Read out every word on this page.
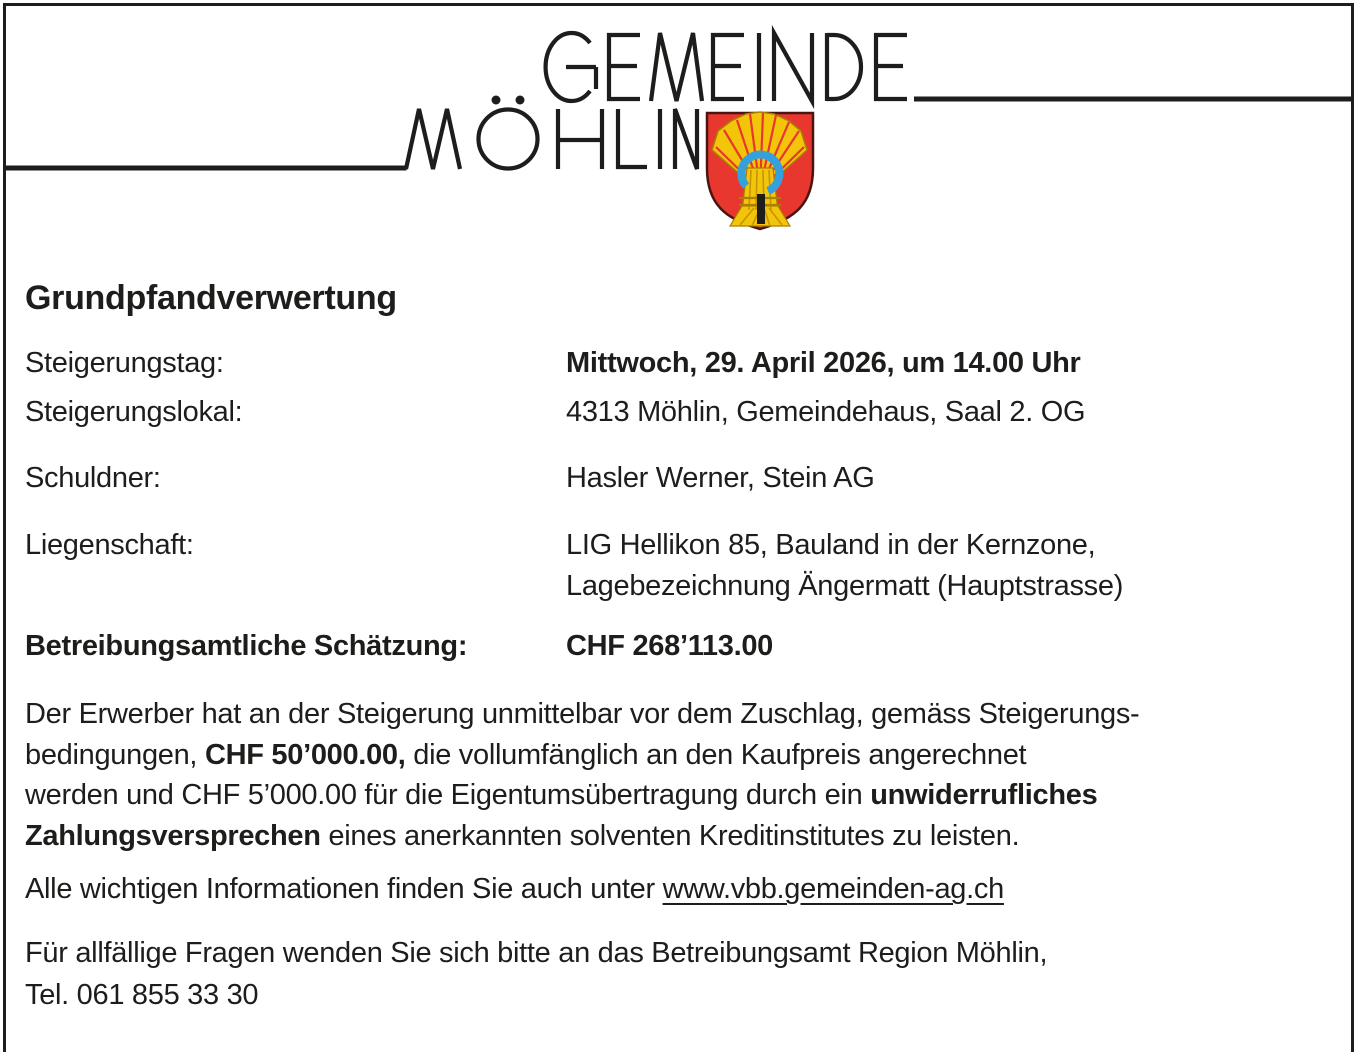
Grundpfandverwertung
Steigerungstag:	Mittwoch, 29. April 2026, um 14.00 Uhr
Steigerungslokal:	4313 Möhlin, Gemeindehaus, Saal 2. OG
Schuldner:	Hasler Werner, Stein AG
Liegenschaft:	LIG Hellikon 85, Bauland in der Kernzone,
Lagebezeichnung Ängermatt (Hauptstrasse)
Betreibungsamtliche Schätzung:	CHF 268’113.00
Der Erwerber hat an der Steigerung unmittelbar vor dem Zuschlag, gemäss Steigerungs-
bedingungen, CHF 50’000.00, die vollumfänglich an den Kaufpreis angerechnet
werden und CHF 5’000.00 für die Eigentumsübertragung durch ein unwiderrufliches
Zahlungsversprechen eines anerkannten solventen Kreditinstitutes zu leisten.
Alle wichtigen Informationen finden Sie auch unter www.vbb.gemeinden-ag.ch
Für allfällige Fragen wenden Sie sich bitte an das Betreibungsamt Region Möhlin,
Tel. 061 855 33 30
